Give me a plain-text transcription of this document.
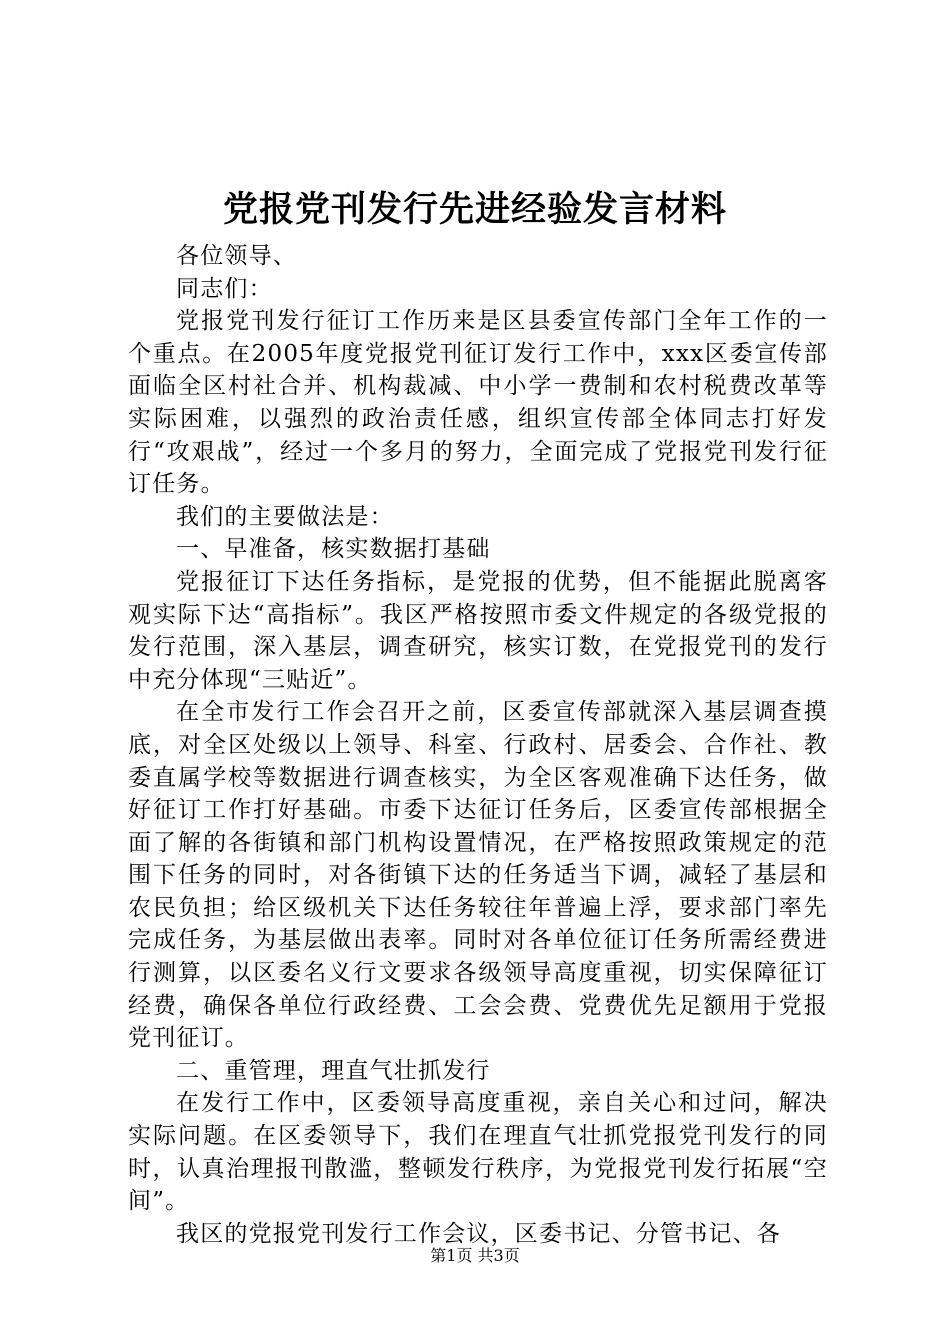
党报党刊发行先进经验发言材料

各位领导、

同志们：

党报党刊发行征订工作历来是区县委宣传部门全年工作的一个重点。在2005年度党报党刊征订发行工作中，xxx区委宣传部面临全区村社合并、机构裁减、中小学一费制和农村税费改革等实际困难，以强烈的政治责任感，组织宣传部全体同志打好发行“攻艰战”，经过一个多月的努力，全面完成了党报党刊发行征订任务。

我们的主要做法是：

一、早准备，核实数据打基础

党报征订下达任务指标，是党报的优势，但不能据此脱离客观实际下达“高指标”。我区严格按照市委文件规定的各级党报的发行范围，深入基层，调查研究，核实订数，在党报党刊的发行中充分体现“三贴近”。

在全市发行工作会召开之前，区委宣传部就深入基层调查摸底，对全区处级以上领导、科室、行政村、居委会、合作社、教委直属学校等数据进行调查核实，为全区客观准确下达任务，做好征订工作打好基础。市委下达征订任务后，区委宣传部根据全面了解的各街镇和部门机构设置情况，在严格按照政策规定的范围下任务的同时，对各街镇下达的任务适当下调，减轻了基层和农民负担；给区级机关下达任务较往年普遍上浮，要求部门率先完成任务，为基层做出表率。同时对各单位征订任务所需经费进行测算，以区委名义行文要求各级领导高度重视，切实保障征订经费，确保各单位行政经费、工会会费、党费优先足额用于党报党刊征订。

二、重管理，理直气壮抓发行

在发行工作中，区委领导高度重视，亲自关心和过问，解决实际问题。在区委领导下，我们在理直气壮抓党报党刊发行的同时，认真治理报刊散滥，整顿发行秩序，为党报党刊发行拓展“空间”。

我区的党报党刊发行工作会议，区委书记、分管书记、各

第1页 共3页
